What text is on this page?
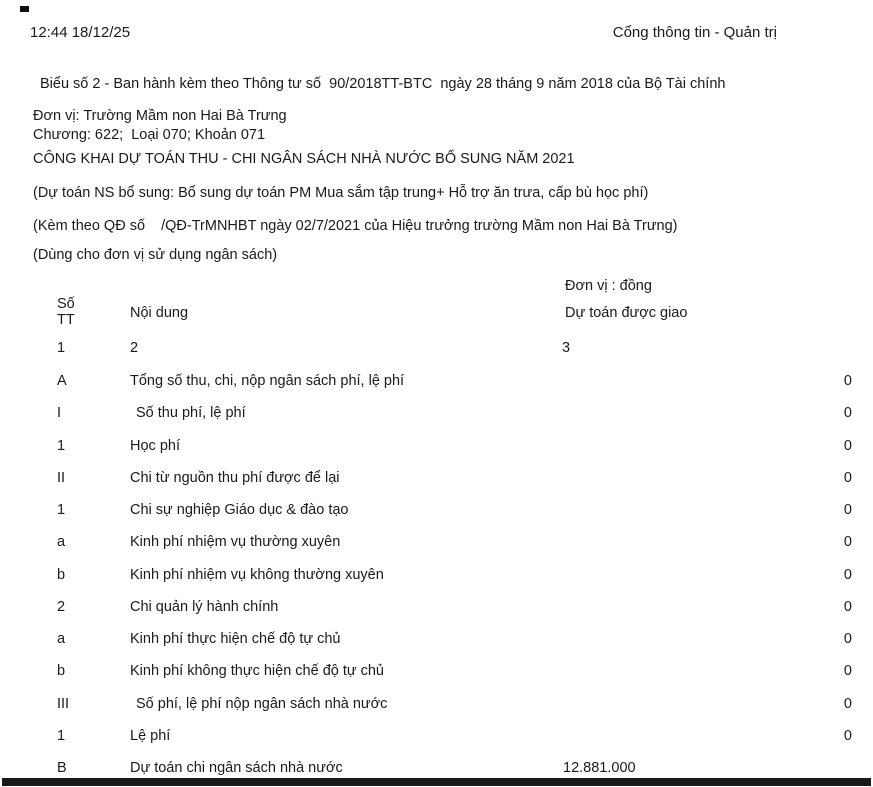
12:44 18/12/25	Cổng thông tin - Quản trị
Biểu số 2 - Ban hành kèm theo Thông tư số  90/2018TT-BTC  ngày 28 tháng 9 năm 2018 của Bộ Tài chính
Đơn vị: Trường Mầm non Hai Bà Trưng
Chương: 622;  Loại 070; Khoản 071
CÔNG KHAI DỰ TOÁN THU - CHI NGÂN SÁCH NHÀ NƯỚC BỔ SUNG NĂM 2021
(Dự toán NS bổ sung: Bổ sung dự toán PM Mua sắm tập trung+ Hỗ trợ ăn trưa, cấp bù học phí)
(Kèm theo QĐ số    /QĐ-TrMNHBT ngày 02/7/2021 của Hiệu trưởng trường Mầm non Hai Bà Trưng)
(Dùng cho đơn vị sử dụng ngân sách)
Đơn vị : đồng
Số
TT	Nội dung	Dự toán được giao
1	2	3
A	Tổng số thu, chi, nộp ngân sách phí, lệ phí	0
I	Số thu phí, lệ phí	0
1	Học phí	0
II	Chi từ nguồn thu phí được để lại	0
1	Chi sự nghiệp Giáo dục & đào tạo	0
a	Kinh phí nhiệm vụ thường xuyên	0
b	Kinh phí nhiệm vụ không thường xuyên	0
2	Chi quản lý hành chính	0
a	Kinh phí thực hiện chế độ tự chủ	0
b	Kinh phí không thực hiện chế độ tự chủ	0
III	Số phí, lệ phí nộp ngân sách nhà nước	0
1	Lệ phí	0
B	Dự toán chi ngân sách nhà nước	12.881.000
